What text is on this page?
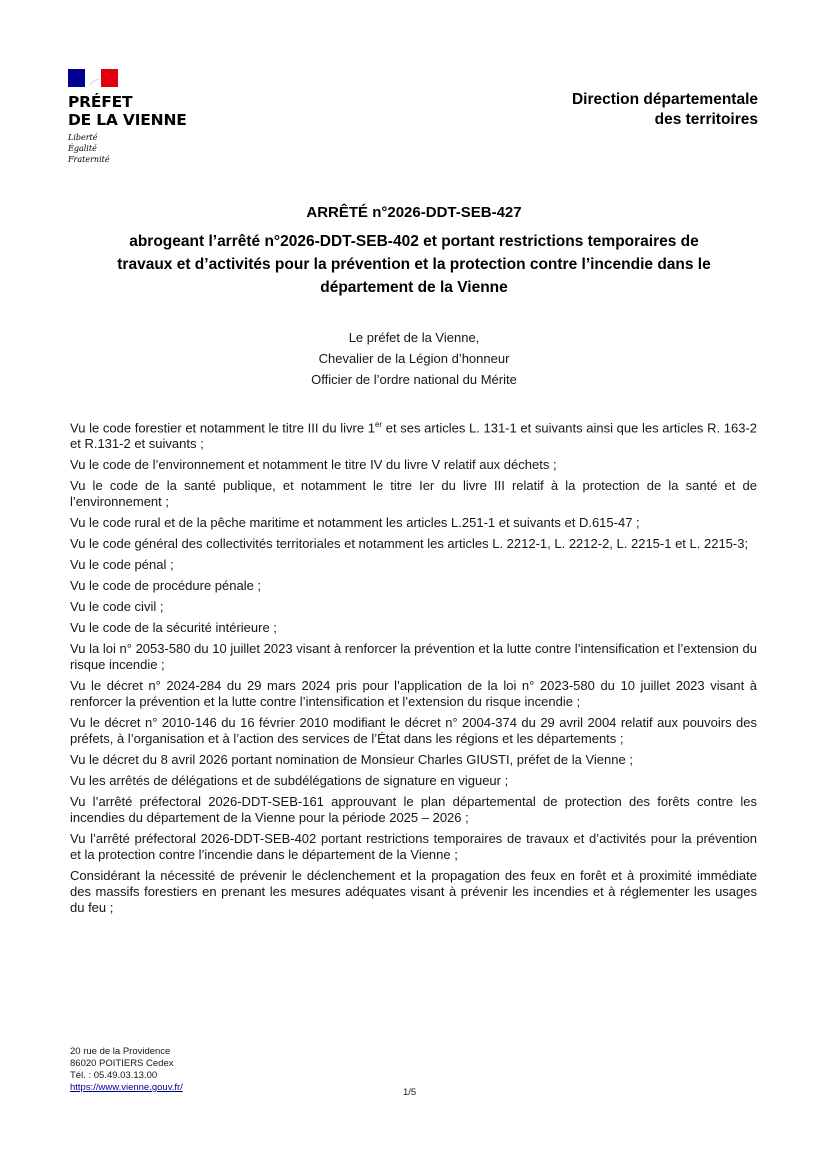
PRÉFET
DE LA VIENNE
Liberté
Égalité
Fraternité
Direction départementale
des territoires
ARRÊTÉ n°2026-DDT-SEB-427
abrogeant l’arrêté n°2026-DDT-SEB-402 et portant restrictions temporaires de
travaux et d’activités pour la prévention et la protection contre l’incendie dans le
département de la Vienne
Le préfet de la Vienne,
Chevalier de la Légion d’honneur
Officier de l’ordre national du Mérite

Vu le code forestier et notamment le titre III du livre 1er et ses articles L. 131-1 et suivants ainsi que les articles R. 163-2 et R.131-2 et suivants ;

Vu le code de l’environnement et notamment le titre IV du livre V relatif aux déchets ;

Vu le code de la santé publique, et notamment le titre Ier du livre III relatif à la protection de la santé et de l’environnement ;

Vu le code rural et de la pêche maritime et notamment les articles L.251-1 et suivants et D.615-47 ;

Vu le code général des collectivités territoriales et notamment les articles L. 2212-1, L. 2212-2, L. 2215-1 et L. 2215-3;

Vu le code pénal ;

Vu le code de procédure pénale ;

Vu le code civil ;

Vu le code de la sécurité intérieure ;

Vu la loi n° 2053-580 du 10 juillet 2023 visant à renforcer la prévention et la lutte contre l’intensification et l’extension du risque incendie ;

Vu le décret n° 2024-284 du 29 mars 2024 pris pour l’application de la loi n° 2023-580 du 10 juillet 2023 visant à renforcer la prévention et la lutte contre l’intensification et l’extension du risque incendie ;

Vu le décret n° 2010-146 du 16 février 2010 modifiant le décret n° 2004-374 du 29 avril 2004 relatif aux pouvoirs des préfets, à l’organisation et à l’action des services de l’État dans les régions et les départements ;

Vu le décret du 8 avril 2026 portant nomination de Monsieur Charles GIUSTI, préfet de la Vienne ;

Vu les arrêtés de délégations et de subdélégations de signature en vigueur ;

Vu l’arrêté préfectoral 2026-DDT-SEB-161 approuvant le plan départemental de protection des forêts contre les incendies du département de la Vienne pour la période 2025 – 2026 ;

Vu l’arrêté préfectoral 2026-DDT-SEB-402 portant restrictions temporaires de travaux et d’activités pour la prévention et la protection contre l’incendie dans le département de la Vienne ;

Considérant la nécessité de prévenir le déclenchement et la propagation des feux en forêt et à proximité immédiate des massifs forestiers en prenant les mesures adéquates visant à prévenir les incendies et à réglementer les usages du feu ;

20 rue de la Providence
86020 POITIERS Cedex
Tél. : 05.49.03.13.00
https://www.vienne.gouv.fr/	1/5
